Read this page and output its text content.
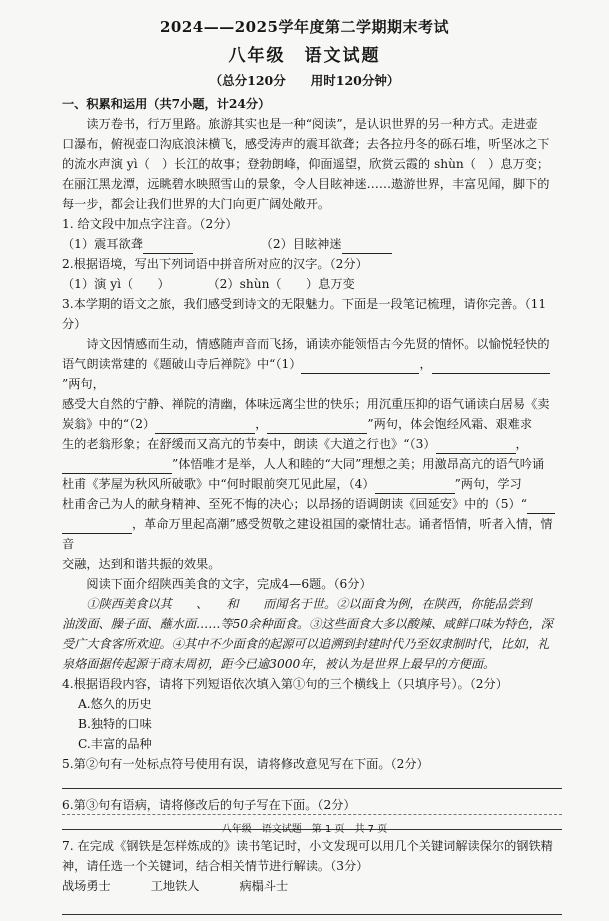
2024——2025学年度第二学期期末考试
八年级　语文试题
（总分120分　　用时120分钟）

一、积累和运用（共7小题，计24分）

读万卷书，行万里路。旅游其实也是一种“阅读”，是认识世界的另一种方式。走进壶

口瀑布，俯视壶口沟底浪沫横飞，感受涛声的震耳欲聋；去各拉丹冬的砾石堆，听坚冰之下

的流水声演 yì（　）长江的故事；登勃朗峰，仰面遥望，欣赏云霞的 shùn（　）息万变；

在丽江黑龙潭，远眺碧水映照雪山的景象，令人目眩神迷……遨游世界，丰富见闻，脚下的

每一步，都会让我们世界的大门向更广阔处敞开。

1. 给文段中加点字注音。（2分）

（1）震耳欲聋	（2）目眩神迷

2.根据语境，写出下列词语中拼音所对应的汉字。（2分）

（1）演 yì（　　）	（2）shùn（　　）息万变

3.本学期的语文之旅，我们感受到诗文的无限魅力。下面是一段笔记梳理，请你完善。（11

分）

诗文因情感而生动，情感随声音而飞扬，诵读亦能领悟古今先贤的情怀。以愉悦轻快的

语气朗读常建的《题破山寺后禅院》中“（1）	，”两句，

感受大自然的宁静、禅院的清幽，体味远离尘世的快乐；用沉重压抑的语气诵读白居易《卖

炭翁》中的“（2）	，	”两句，体会饱经风霜、艰难求

生的老翁形象；在舒缓而又高亢的节奏中，朗读《大道之行也》“（3）	，

”体悟唯才是举，人人和睦的“大同”理想之美；用激昂高亢的语气吟诵

杜甫《茅屋为秋风所破歌》中“何时眼前突兀见此屋，（4）	”两句，学习

杜甫舍己为人的献身精神、至死不悔的决心；以昂扬的语调朗读《回延安》中的（5）“

，革命万里起高潮”感受贺敬之建设祖国的豪情壮志。诵者悟情，听者入情，情音

交融，达到和谐共振的效果。

阅读下面介绍陕西美食的文字，完成4—6题。（6分）

①陕西美食以其　　、　　和　　而闻名于世。②以面食为例，在陕西，你能品尝到

油泼面、臊子面、蘸水面……等50余种面食。③这些面食大多以酸辣、咸鲜口味为特色，深

受广大食客所欢迎。④其中不少面食的起源可以追溯到封建时代乃至奴隶制时代，比如，礼

泉烙面据传起源于商末周初，距今已逾3000年，被认为是世界上最早的方便面。

4.根据语段内容，请将下列短语依次填入第①句的三个横线上（只填序号）。（2分）

A.悠久的历史

B.独特的口味

C.丰富的品种

5.第②句有一处标点符号使用有误，请将修改意见写在下面。（2分）

6.第③句有语病，请将修改后的句子写在下面。（2分）

7. 在完成《钢铁是怎样炼成的》读书笔记时，小文发现可以用几个关键词解读保尔的钢铁精

神，请任选一个关键词，结合相关情节进行解读。（3分）

战场勇士	工地铁人	病榻斗士

八年级　语文试题　第 1 页　共 7 页
